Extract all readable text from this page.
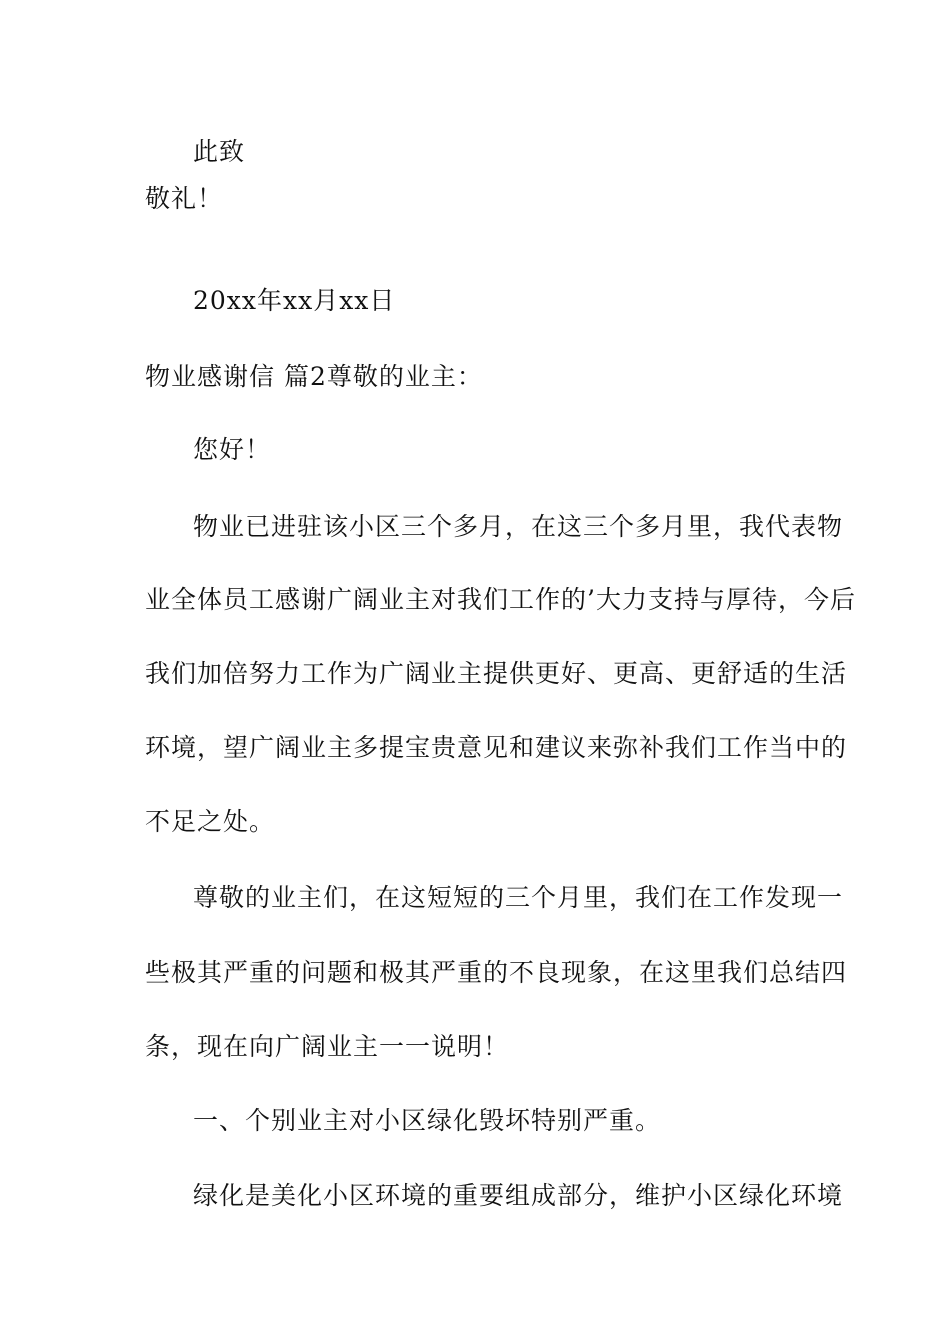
此致
敬礼！
20xx年xx月xx日
物业感谢信 篇2尊敬的业主：
您好！
物业已进驻该小区三个多月，在这三个多月里，我代表物
业全体员工感谢广阔业主对我们工作的’大力支持与厚待，今后
我们加倍努力工作为广阔业主提供更好、更高、更舒适的生活
环境，望广阔业主多提宝贵意见和建议来弥补我们工作当中的
不足之处。
尊敬的业主们，在这短短的三个月里，我们在工作发现一
些极其严重的问题和极其严重的不良现象，在这里我们总结四
条，现在向广阔业主一一说明！
一、个别业主对小区绿化毁坏特别严重。
绿化是美化小区环境的重要组成部分，维护小区绿化环境
